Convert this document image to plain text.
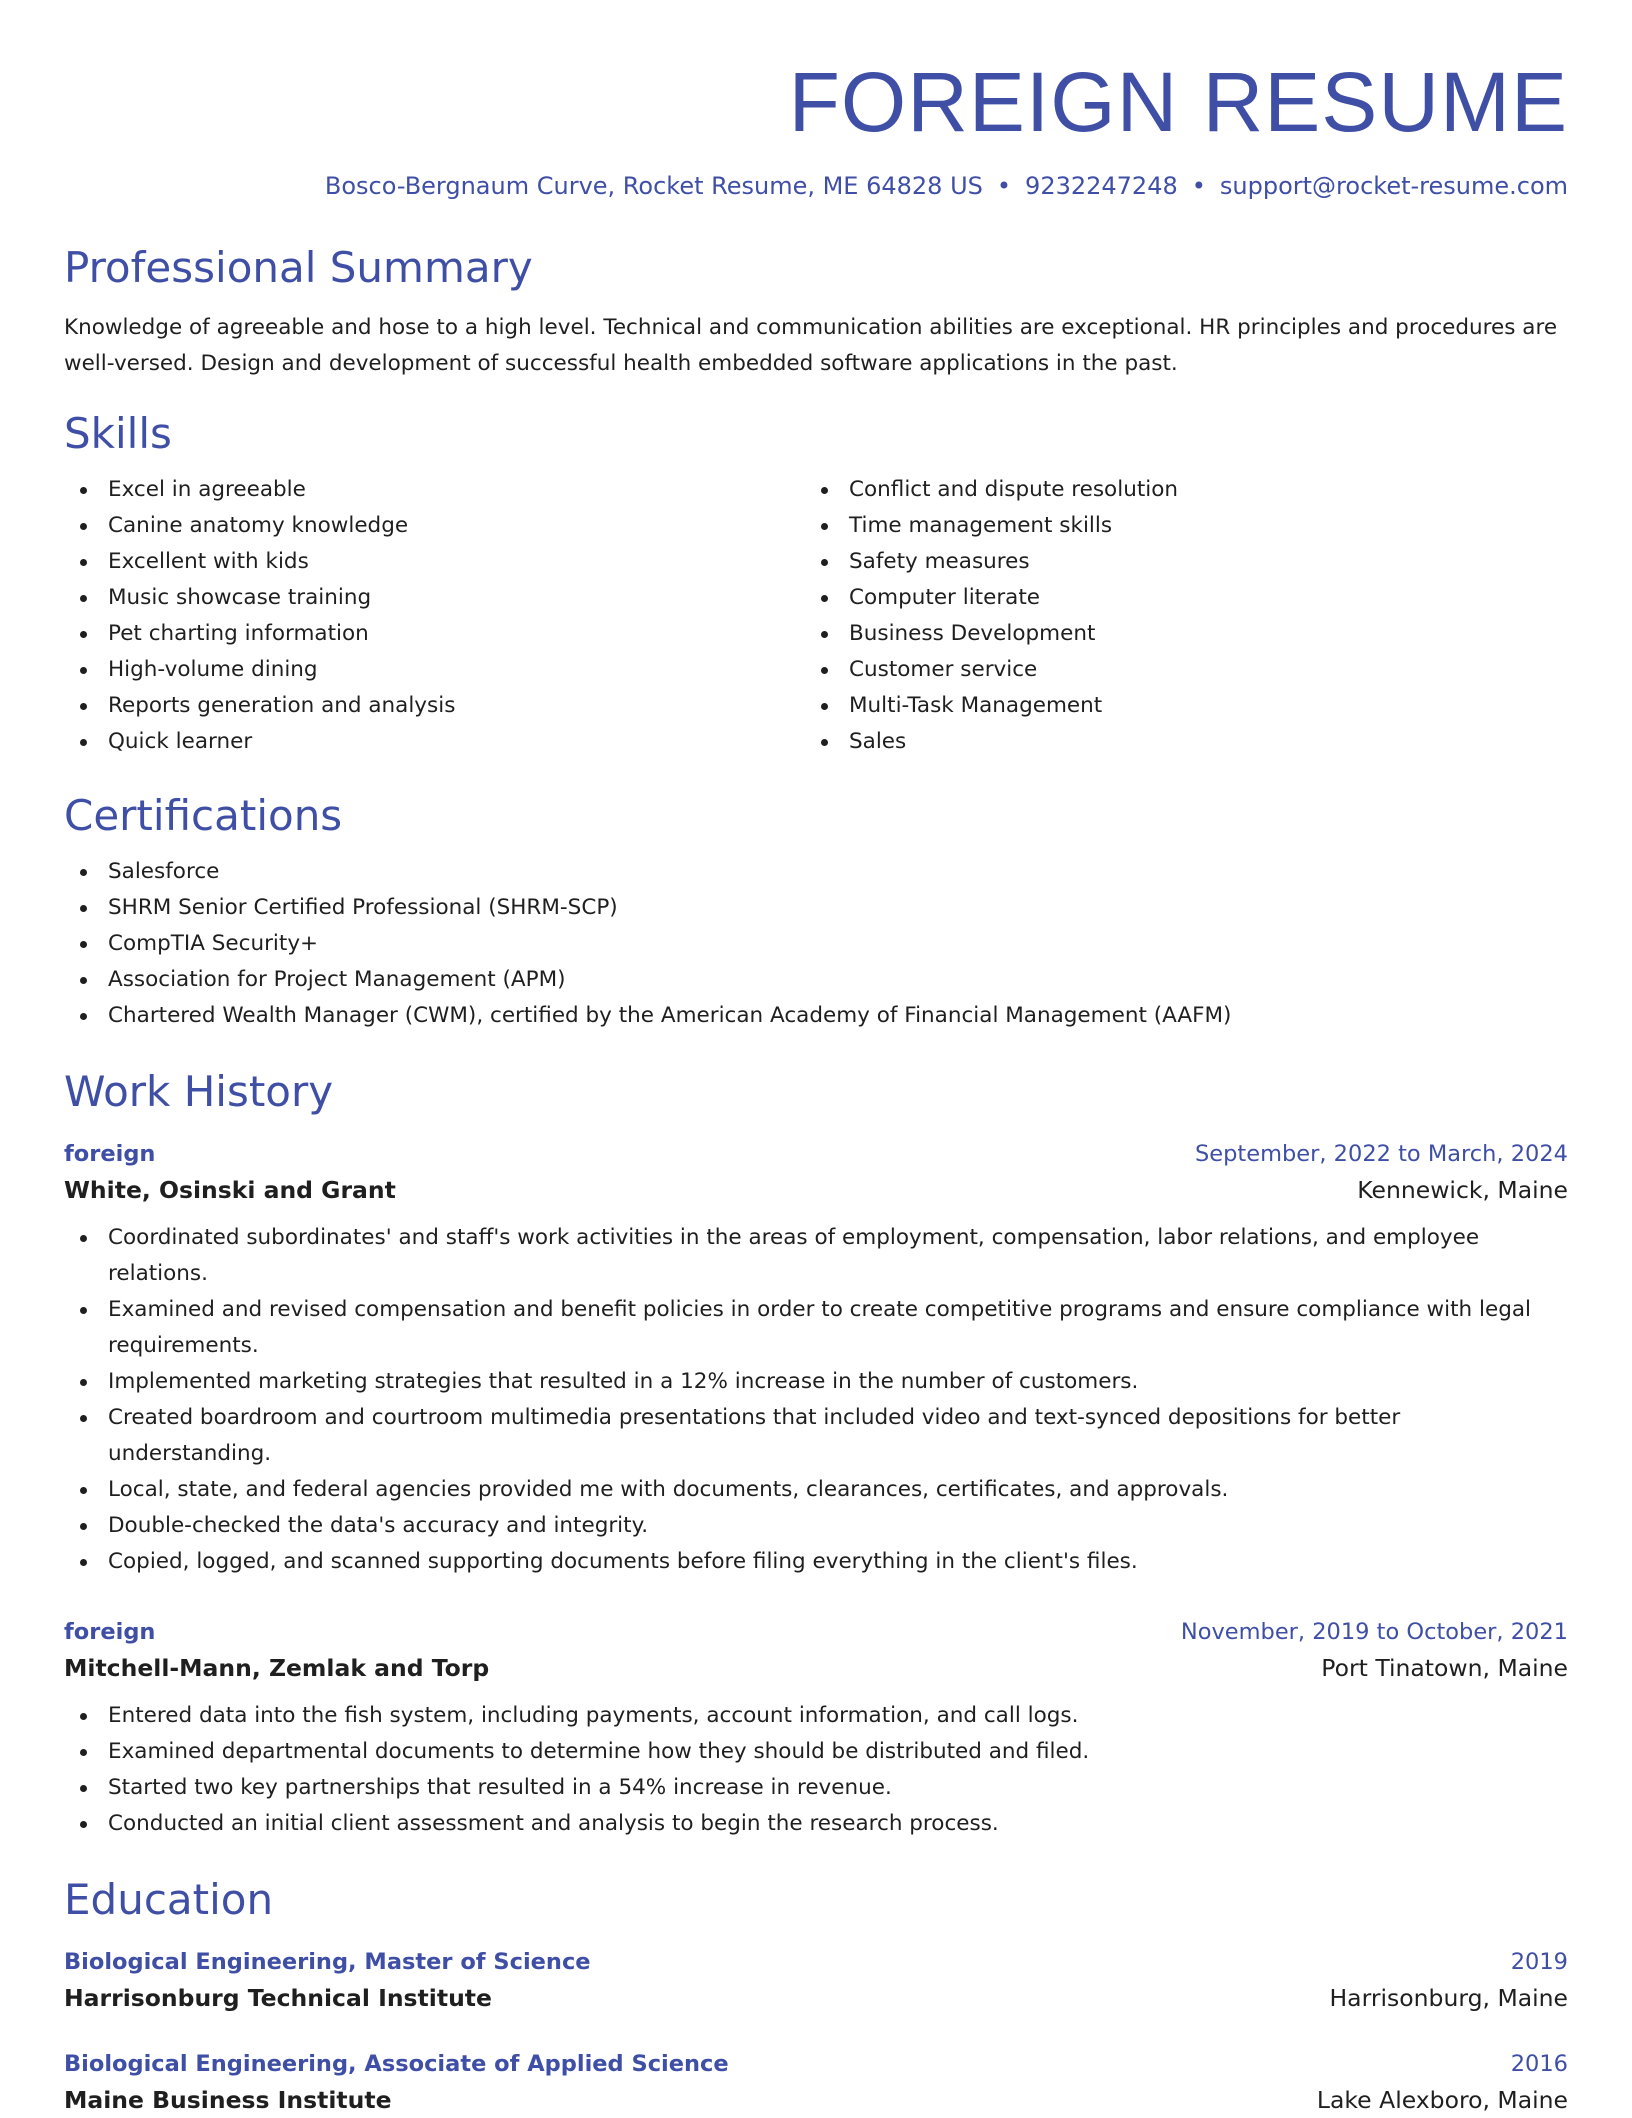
FOREIGN RESUME
Bosco-Bergnaum Curve, Rocket Resume, ME 64828 US • 9232247248 • support@rocket-resume.com
Professional Summary

Knowledge of agreeable and hose to a high level. Technical and communication abilities are exceptional. HR principles and procedures are well-versed. Design and development of successful health embedded software applications in the past.

Skills
Excel in agreeable
Canine anatomy knowledge
Excellent with kids
Music showcase training
Pet charting information
High-volume dining
Reports generation and analysis
Quick learner
Conflict and dispute resolution
Time management skills
Safety measures
Computer literate
Business Development
Customer service
Multi-Task Management
Sales
Certifications
Salesforce
SHRM Senior Certified Professional (SHRM-SCP)
CompTIA Security+
Association for Project Management (APM)
Chartered Wealth Manager (CWM), certified by the American Academy of Financial Management (AAFM)
Work History
foreign	September, 2022 to March, 2024
White, Osinski and Grant	Kennewick, Maine
Coordinated subordinates' and staff's work activities in the areas of employment, compensation, labor relations, and employee relations.
Examined and revised compensation and benefit policies in order to create competitive programs and ensure compliance with legal requirements.
Implemented marketing strategies that resulted in a 12% increase in the number of customers.
Created boardroom and courtroom multimedia presentations that included video and text-synced depositions for better understanding.
Local, state, and federal agencies provided me with documents, clearances, certificates, and approvals.
Double-checked the data's accuracy and integrity.
Copied, logged, and scanned supporting documents before filing everything in the client's files.
foreign	November, 2019 to October, 2021
Mitchell-Mann, Zemlak and Torp	Port Tinatown, Maine
Entered data into the fish system, including payments, account information, and call logs.
Examined departmental documents to determine how they should be distributed and filed.
Started two key partnerships that resulted in a 54% increase in revenue.
Conducted an initial client assessment and analysis to begin the research process.
Education
Biological Engineering, Master of Science	2019
Harrisonburg Technical Institute	Harrisonburg, Maine
Biological Engineering, Associate of Applied Science	2016
Maine Business Institute	Lake Alexboro, Maine
